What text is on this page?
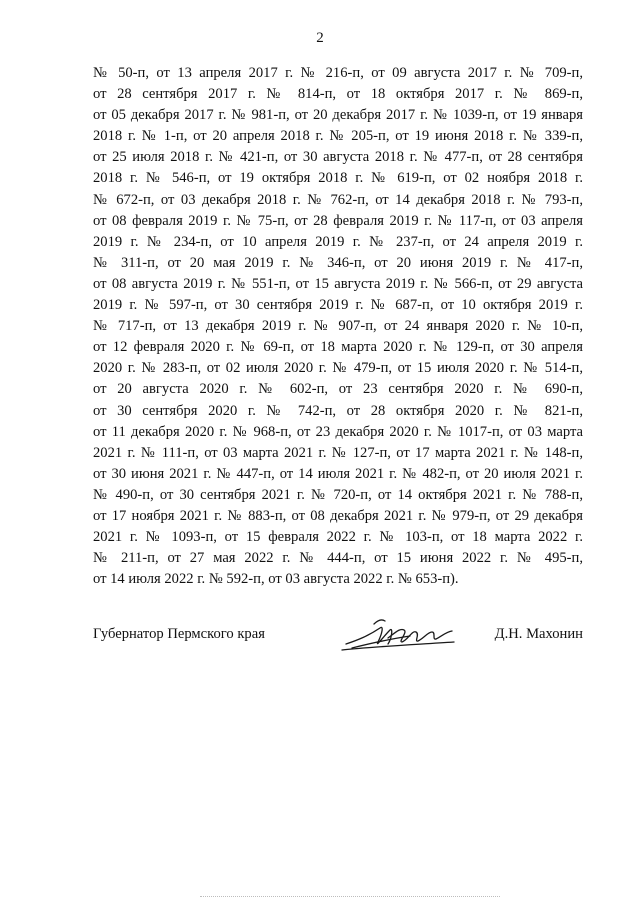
2
№ 50-п, от 13 апреля 2017 г. № 216-п, от 09 августа 2017 г. № 709-п,
от 28 сентября 2017 г. № 814-п, от 18 октября 2017 г. № 869-п,
от 05 декабря 2017 г. № 981-п, от 20 декабря 2017 г. № 1039-п, от 19 января
2018 г. № 1-п, от 20 апреля 2018 г. № 205-п, от 19 июня 2018 г. № 339-п,
от 25 июля 2018 г. № 421-п, от 30 августа 2018 г. № 477-п, от 28 сентября
2018 г. № 546-п, от 19 октября 2018 г. № 619-п, от 02 ноября 2018 г.
№ 672-п, от 03 декабря 2018 г. № 762-п, от 14 декабря 2018 г. № 793-п,
от 08 февраля 2019 г. № 75-п, от 28 февраля 2019 г. № 117-п, от 03 апреля
2019 г. № 234-п, от 10 апреля 2019 г. № 237-п, от 24 апреля 2019 г.
№ 311-п, от 20 мая 2019 г. № 346-п, от 20 июня 2019 г. № 417-п,
от 08 августа 2019 г. № 551-п, от 15 августа 2019 г. № 566-п, от 29 августа
2019 г. № 597-п, от 30 сентября 2019 г. № 687-п, от 10 октября 2019 г.
№ 717-п, от 13 декабря 2019 г. № 907-п, от 24 января 2020 г. № 10-п,
от 12 февраля 2020 г. № 69-п, от 18 марта 2020 г. № 129-п, от 30 апреля
2020 г. № 283-п, от 02 июля 2020 г. № 479-п, от 15 июля 2020 г. № 514-п,
от 20 августа 2020 г. № 602-п, от 23 сентября 2020 г. № 690-п,
от 30 сентября 2020 г. № 742-п, от 28 октября 2020 г. № 821-п,
от 11 декабря 2020 г. № 968-п, от 23 декабря 2020 г. № 1017-п, от 03 марта
2021 г. № 111-п, от 03 марта 2021 г. № 127-п, от 17 марта 2021 г. № 148-п,
от 30 июня 2021 г. № 447-п, от 14 июля 2021 г. № 482-п, от 20 июля 2021 г.
№ 490-п, от 30 сентября 2021 г. № 720-п, от 14 октября 2021 г. № 788-п,
от 17 ноября 2021 г. № 883-п, от 08 декабря 2021 г. № 979-п, от 29 декабря
2021 г. № 1093-п, от 15 февраля 2022 г. № 103-п, от 18 марта 2022 г.
№ 211-п, от 27 мая 2022 г. № 444-п, от 15 июня 2022 г. № 495-п,
от 14 июля 2022 г. № 592-п, от 03 августа 2022 г. № 653-п).
Губернатор Пермского края	Д.Н. Махонин
